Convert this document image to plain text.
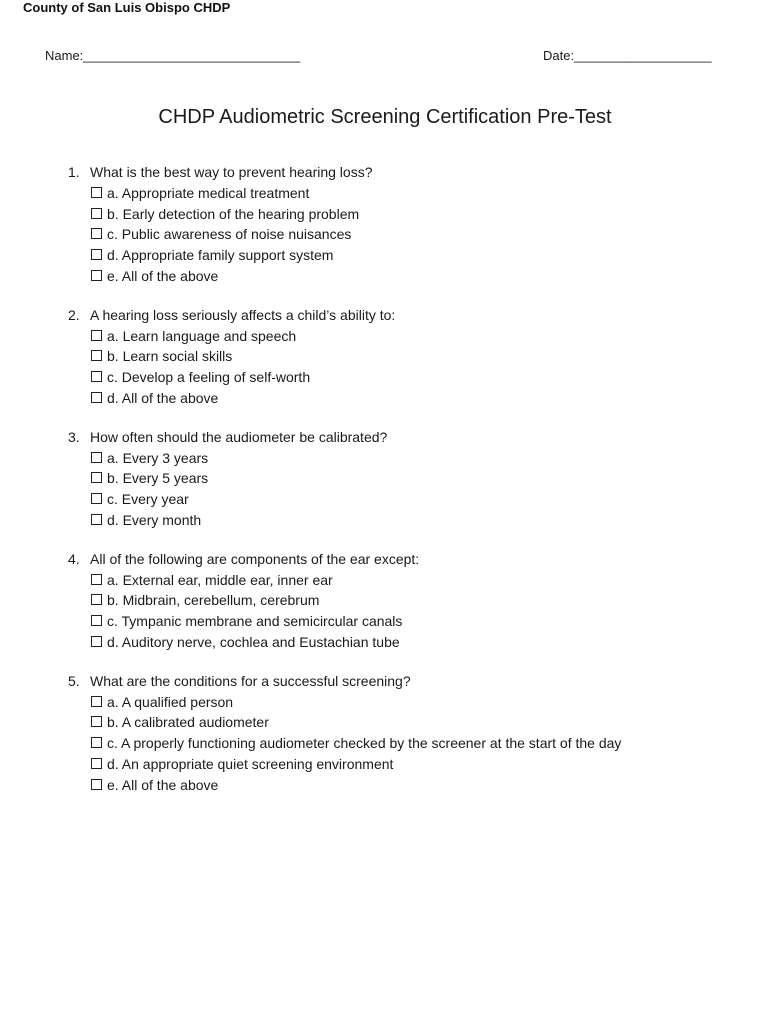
County of San Luis Obispo CHDP
Name:______________________________	Date:___________________
CHDP Audiometric Screening Certification Pre-Test
1. What is the best way to prevent hearing loss?
a. Appropriate medical treatment
b. Early detection of the hearing problem
c. Public awareness of noise nuisances
d. Appropriate family support system
e. All of the above
2. A hearing loss seriously affects a child’s ability to:
a. Learn language and speech
b. Learn social skills
c. Develop a feeling of self-worth
d. All of the above
3. How often should the audiometer be calibrated?
a. Every 3 years
b. Every 5 years
c. Every year
d. Every month
4. All of the following are components of the ear except:
a. External ear, middle ear, inner ear
b. Midbrain, cerebellum, cerebrum
c. Tympanic membrane and semicircular canals
d. Auditory nerve, cochlea and Eustachian tube
5. What are the conditions for a successful screening?
a. A qualified person
b. A calibrated audiometer
c. A properly functioning audiometer checked by the screener at the start of the day
d. An appropriate quiet screening environment
e. All of the above
